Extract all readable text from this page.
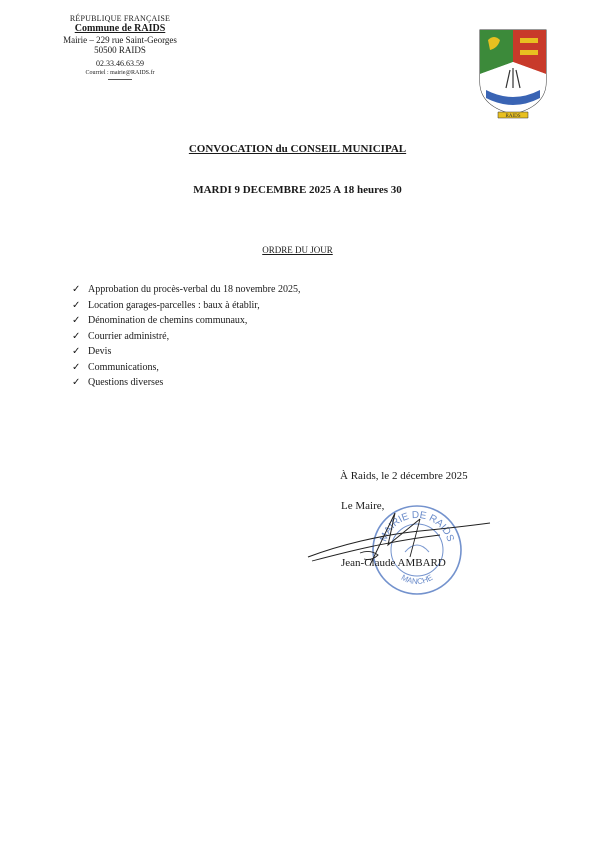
RÉPUBLIQUE FRANÇAISE
Commune de RAIDS
Mairie – 229 rue Saint-Georges
50500 RAIDS
02.33.46.63.59
Courriel : mairie@RAIDS.fr
RAIDS
CONVOCATION du CONSEIL MUNICIPAL
MARDI 9 DECEMBRE 2025 A 18 heures 30
ORDRE DU JOUR
✓ Approbation du procès-verbal du 18 novembre 2025,
✓ Location garages-parcelles : baux à établir,
✓ Dénomination de chemins communaux,
✓ Courrier administré,
✓ Devis
✓ Communications,
✓ Questions diverses
À Raids, le 2 décembre 2025
Le Maire,
MAIRIE DE RAIDS
MANCHE
Jean-Claude AMBARD
